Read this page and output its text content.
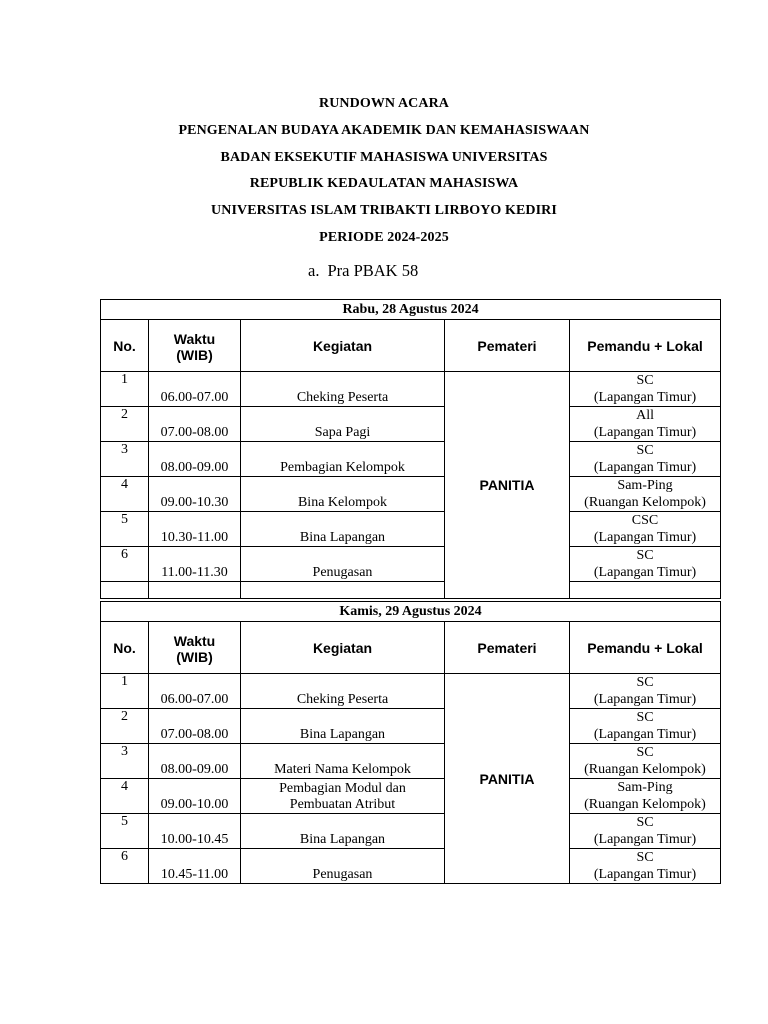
RUNDOWN ACARA
PENGENALAN BUDAYA AKADEMIK DAN KEMAHASISWAAN
BADAN EKSEKUTIF MAHASISWA UNIVERSITAS
REPUBLIK KEDAULATAN MAHASISWA
UNIVERSITAS ISLAM TRIBAKTI LIRBOYO KEDIRI
PERIODE 2024-2025
a. Pra PBAK 58
Rabu, 28 Agustus 2024				
No.	Waktu
(WIB)	Kegiatan	Pemateri	Pemandu + Lokal
1	06.00-07.00	Cheking Peserta	PANITIA	SC
(Lapangan Timur)

2	07.00-08.00	Sapa Pagi		All
(Lapangan Timur)

3	08.00-09.00	Pembagian Kelompok		SC
(Lapangan Timur)

4	09.00-10.30	Bina Kelompok		Sam-Ping
(Ruangan Kelompok)

5	10.30-11.00	Bina Lapangan		CSC
(Lapangan Timur)

6	11.00-11.30	Penugasan		SC
(Lapangan Timur)

Kamis, 29 Agustus 2024				
No.	Waktu
(WIB)	Kegiatan	Pemateri	Pemandu + Lokal
1	06.00-07.00	Cheking Peserta	PANITIA	SC
(Lapangan Timur)

2	07.00-08.00	Bina Lapangan		SC
(Lapangan Timur)

3	08.00-09.00	Materi Nama Kelompok		SC
(Ruangan Kelompok)

4	09.00-10.00	Pembagian Modul dan
Pembuatan Atribut		Sam-Ping
(Ruangan Kelompok)

5	10.00-10.45	Bina Lapangan		SC
(Lapangan Timur)

6	10.45-11.00	Penugasan		SC
(Lapangan Timur)
